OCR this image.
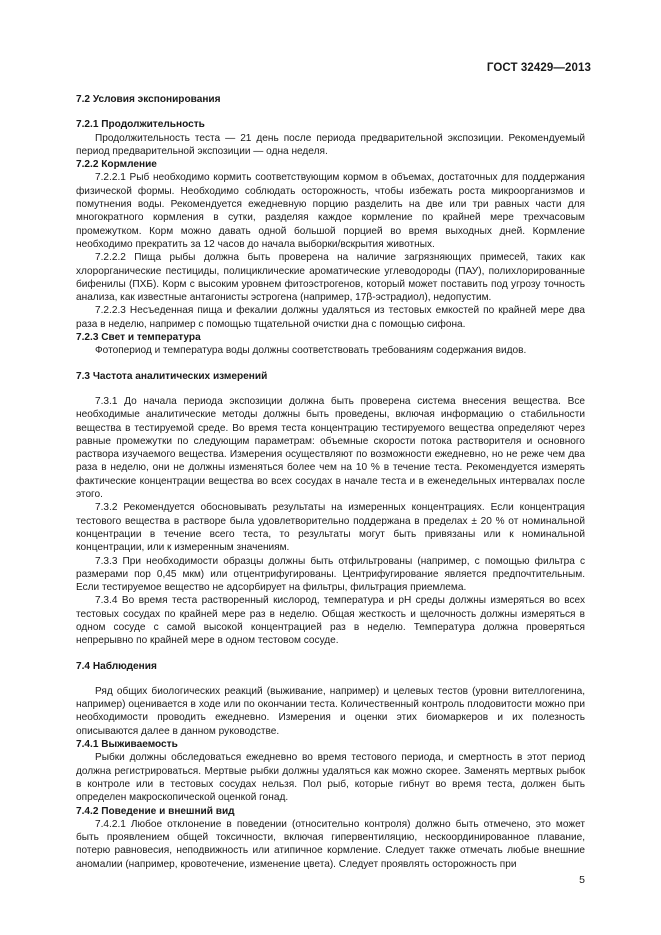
ГОСТ 32429—2013
7.2 Условия экспонирования
7.2.1 Продолжительность

Продолжительность теста — 21 день после периода предварительной экспозиции. Рекомендуемый период предварительной экспозиции — одна неделя.

7.2.2 Кормление

7.2.2.1 Рыб необходимо кормить соответствующим кормом в объемах, достаточных для поддержания физической формы. Необходимо соблюдать осторожность, чтобы избежать роста микроорганизмов и помутнения воды. Рекомендуется ежедневную порцию разделить на две или три равных части для многократного кормления в сутки, разделяя каждое кормление по крайней мере трехчасовым промежутком. Корм можно давать одной большой порцией во время выходных дней. Кормление необходимо прекратить за 12 часов до начала выборки/вскрытия животных.

7.2.2.2 Пища рыбы должна быть проверена на наличие загрязняющих примесей, таких как хлорорганические пестициды, полициклические ароматические углеводороды (ПАУ), полихлорированные бифенилы (ПХБ). Корм с высоким уровнем фитоэстрогенов, который может поставить под угрозу точность анализа, как известные антагонисты эстрогена (например, 17β-эстрадиол), недопустим.

7.2.2.3 Несъеденная пища и фекалии должны удаляться из тестовых емкостей по крайней мере два раза в неделю, например с помощью тщательной очистки дна с помощью сифона.

7.2.3 Свет и температура

Фотопериод и температура воды должны соответствовать требованиям содержания видов.

7.3 Частота аналитических измерений

7.3.1 До начала периода экспозиции должна быть проверена система внесения вещества. Все необходимые аналитические методы должны быть проведены, включая информацию о стабильности вещества в тестируемой среде. Во время теста концентрацию тестируемого вещества определяют через равные промежутки по следующим параметрам: объемные скорости потока растворителя и основного раствора изучаемого вещества. Измерения осуществляют по возможности ежедневно, но не реже чем два раза в неделю, они не должны изменяться более чем на 10 % в течение теста. Рекомендуется измерять фактические концентрации вещества во всех сосудах в начале теста и в еженедельных интервалах после этого.

7.3.2 Рекомендуется обосновывать результаты на измеренных концентрациях. Если концентрация тестового вещества в растворе была удовлетворительно поддержана в пределах ± 20 % от номинальной концентрации в течение всего теста, то результаты могут быть привязаны или к номинальной концентрации, или к измеренным значениям.

7.3.3 При необходимости образцы должны быть отфильтрованы (например, с помощью фильтра с размерами пор 0,45 мкм) или отцентрифугированы. Центрифугирование является предпочтительным. Если тестируемое вещество не адсорбирует на фильтры, фильтрация приемлема.

7.3.4 Во время теста растворенный кислород, температура и рН среды должны измеряться во всех тестовых сосудах по крайней мере раз в неделю. Общая жесткость и щелочность должны измеряться в одном сосуде с самой высокой концентрацией раз в неделю. Температура должна проверяться непрерывно по крайней мере в одном тестовом сосуде.

7.4 Наблюдения

Ряд общих биологических реакций (выживание, например) и целевых тестов (уровни вителлогенина, например) оценивается в ходе или по окончании теста. Количественный контроль плодовитости можно при необходимости проводить ежедневно. Измерения и оценки этих биомаркеров и их полезность описываются далее в данном руководстве.

7.4.1 Выживаемость

Рыбки должны обследоваться ежедневно во время тестового периода, и смертность в этот период должна регистрироваться. Мертвые рыбки должны удаляться как можно скорее. Заменять мертвых рыбок в контроле или в тестовых сосудах нельзя. Пол рыб, которые гибнут во время теста, должен быть определен макроскопической оценкой гонад.

7.4.2 Поведение и внешний вид

7.4.2.1 Любое отклонение в поведении (относительно контроля) должно быть отмечено, это может быть проявлением общей токсичности, включая гипервентиляцию, нескоординированное плавание, потерю равновесия, неподвижность или атипичное кормление. Следует также отмечать любые внешние аномалии (например, кровотечение, изменение цвета). Следует проявлять осторожность при

5
